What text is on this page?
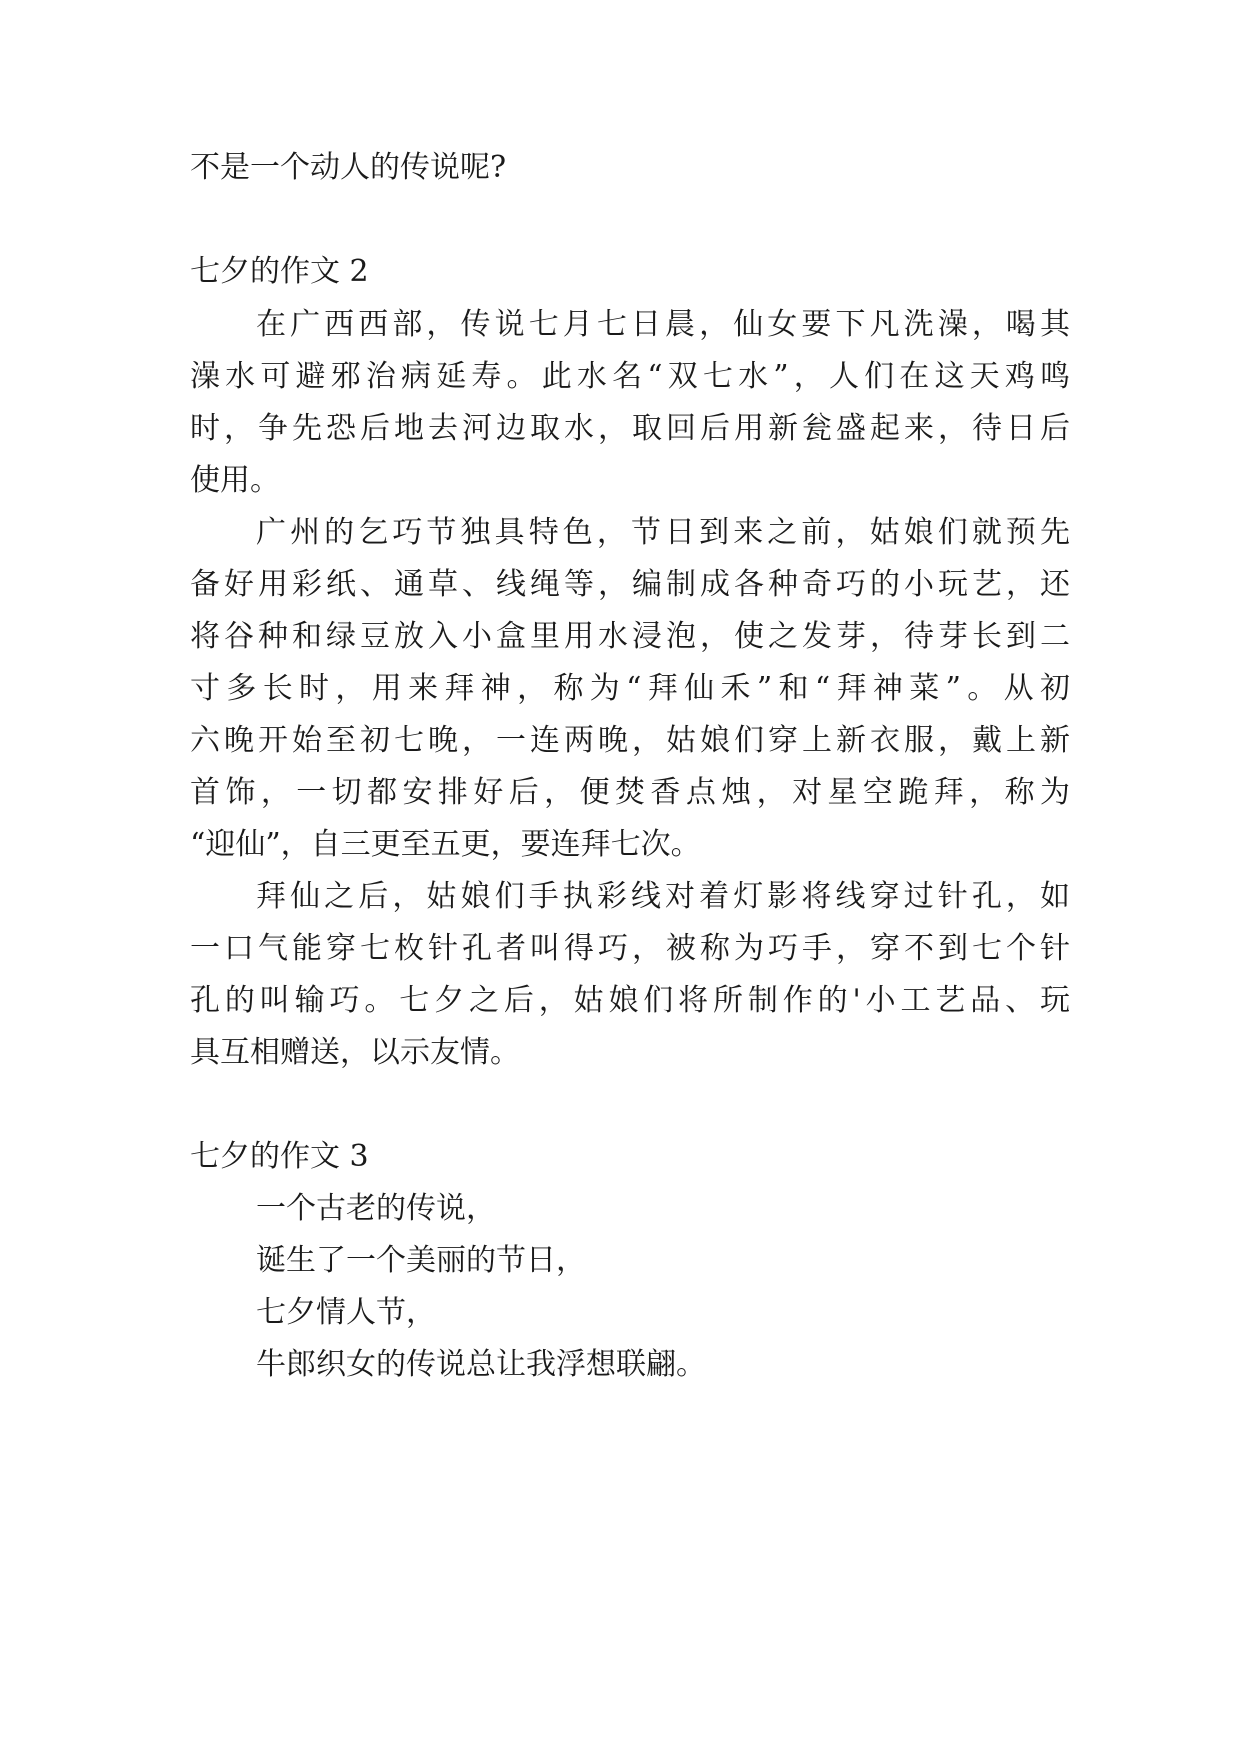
不是一个动人的传说呢?
七夕的作文 2
在广西西部，传说七月七日晨，仙女要下凡洗澡，喝其
澡水可避邪治病延寿。此水名“双七水”，人们在这天鸡鸣
时，争先恐后地去河边取水，取回后用新瓮盛起来，待日后
使用。
广州的乞巧节独具特色，节日到来之前，姑娘们就预先
备好用彩纸、通草、线绳等，编制成各种奇巧的小玩艺，还
将谷种和绿豆放入小盒里用水浸泡，使之发芽，待芽长到二
寸多长时，用来拜神，称为“拜仙禾”和“拜神菜”。从初
六晚开始至初七晚，一连两晚，姑娘们穿上新衣服，戴上新
首饰，一切都安排好后，便焚香点烛，对星空跪拜，称为
“迎仙”，自三更至五更，要连拜七次。
拜仙之后，姑娘们手执彩线对着灯影将线穿过针孔，如
一口气能穿七枚针孔者叫得巧，被称为巧手，穿不到七个针
孔的叫输巧。七夕之后，姑娘们将所制作的'小工艺品、玩
具互相赠送，以示友情。
七夕的作文 3
一个古老的传说，
诞生了一个美丽的节日，
七夕情人节，
牛郎织女的传说总让我浮想联翩。
